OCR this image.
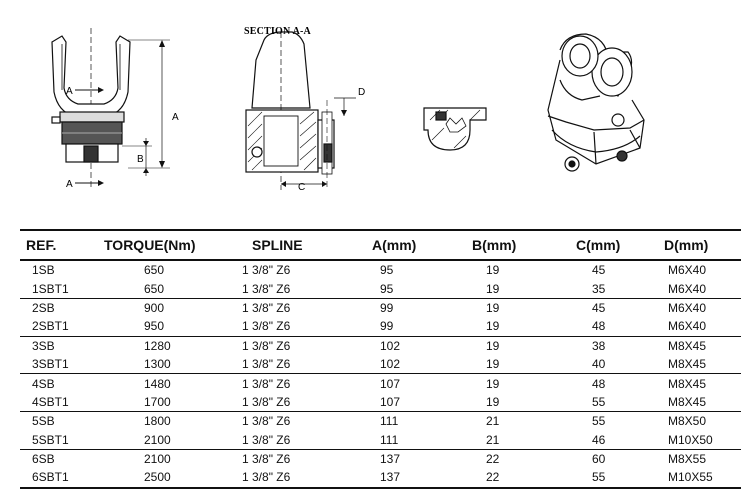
A
A
A
B
SECTION A-A
C
D
REF.	TORQUE(Nm)	SPLINE	A(mm)	B(mm)	C(mm)	D(mm)
1SB	650	1 3/8" Z6	95	19	45	M6X40
1SBT1	650	1 3/8" Z6	95	19	35	M6X40
2SB	900	1 3/8" Z6	99	19	45	M6X40
2SBT1	950	1 3/8" Z6	99	19	48	M6X40
3SB	1280	1 3/8" Z6	102	19	38	M8X45
3SBT1	1300	1 3/8" Z6	102	19	40	M8X45
4SB	1480	1 3/8" Z6	107	19	48	M8X45
4SBT1	1700	1 3/8" Z6	107	19	55	M8X45
5SB	1800	1 3/8" Z6	111	21	55	M8X50
5SBT1	2100	1 3/8" Z6	111	21	46	M10X50
6SB	2100	1 3/8" Z6	137	22	60	M8X55
6SBT1	2500	1 3/8" Z6	137	22	55	M10X55
